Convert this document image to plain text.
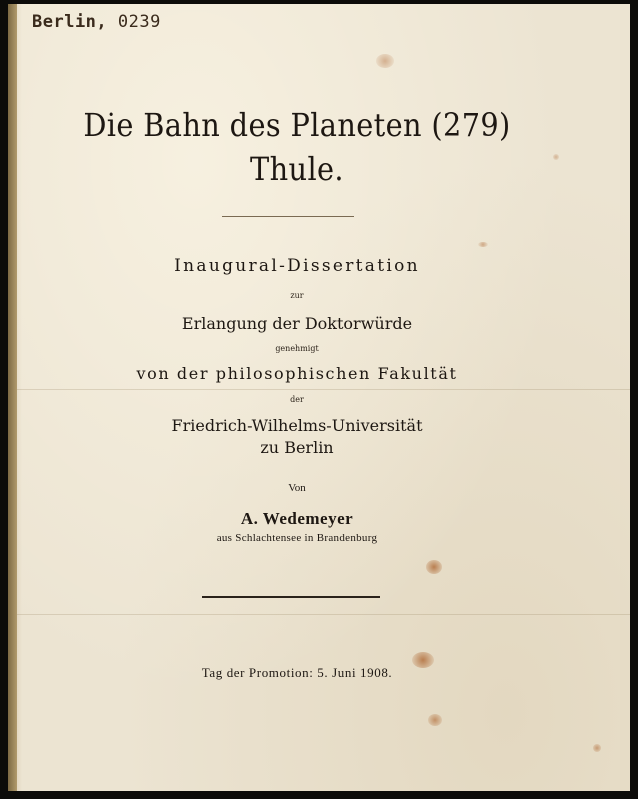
Berlin, 0239
Die Bahn des Planeten (279)
Thule.
Inaugural-Dissertation
zur
Erlangung der Doktorwürde
genehmigt
von der philosophischen Fakultät
der
Friedrich-Wilhelms-Universität
zu Berlin
Von
A. Wedemeyer
aus Schlachtensee in Brandenburg
Tag der Promotion: 5. Juni 1908.
